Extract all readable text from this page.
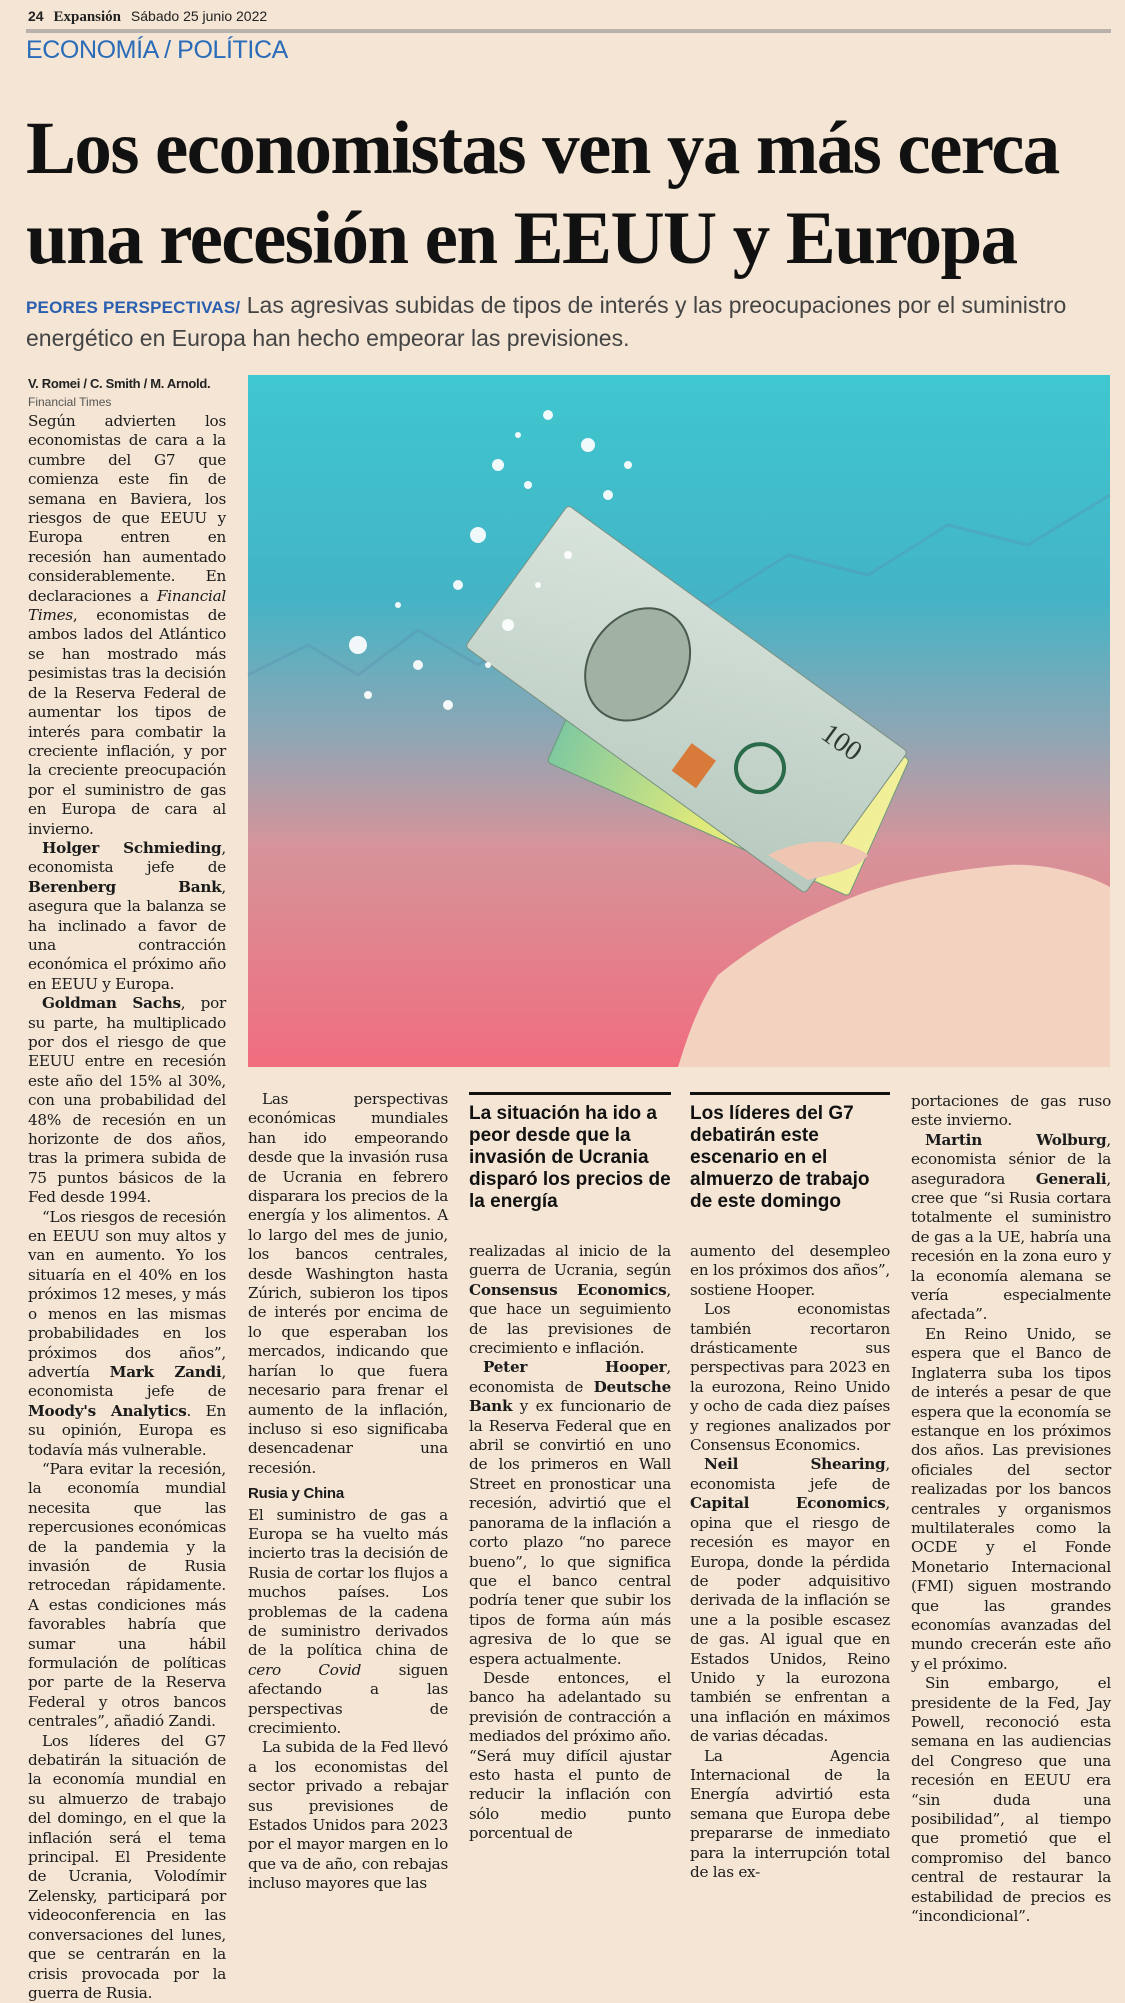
24 Expansión Sábado 25 junio 2022
ECONOMÍA / POLÍTICA
Los economistas ven ya más cerca una recesión en EEUU y Europa
PEORES PERSPECTIVAS/ Las agresivas subidas de tipos de interés y las preocupaciones por el suministro energético en Europa han hecho empeorar las previsiones.
V. Romei / C. Smith / M. Arnold.
Financial Times
100

Según advierten los economistas de cara a la cumbre del G7 que comienza este fin de semana en Baviera, los riesgos de que EEUU y Europa entren en recesión han aumentado considerablemente. En declaraciones a Financial Times, economistas de ambos lados del Atlántico se han mostrado más pesimistas tras la decisión de la Reserva Federal de aumentar los tipos de interés para combatir la creciente inflación, y por la creciente preocupación por el suministro de gas en Europa de cara al invierno.

Holger Schmieding, economista jefe de Berenberg Bank, asegura que la balanza se ha inclinado a favor de una contracción económica el próximo año en EEUU y Europa.

Goldman Sachs, por su parte, ha multiplicado por dos el riesgo de que EEUU entre en recesión este año del 15% al 30%, con una probabilidad del 48% de recesión en un horizonte de dos años, tras la primera subida de 75 puntos básicos de la Fed desde 1994.

“Los riesgos de recesión en EEUU son muy altos y van en aumento. Yo los situaría en el 40% en los próximos 12 meses, y más o menos en las mismas probabilidades en los próximos dos años”, advertía Mark Zandi, economista jefe de Moody's Analytics. En su opinión, Europa es todavía más vulnerable.

“Para evitar la recesión, la economía mundial necesita que las repercusiones económicas de la pandemia y la invasión de Rusia retrocedan rápidamente. A estas condiciones más favorables habría que sumar una hábil formulación de políticas por parte de la Reserva Federal y otros bancos centrales”, añadió Zandi.

Los líderes del G7 debatirán la situación de la economía mundial en su almuerzo de trabajo del domingo, en el que la inflación será el tema principal. El Presidente de Ucrania, Volodímir Zelensky, participará por videoconferencia en las conversaciones del lunes, que se centrarán en la crisis provocada por la guerra de Rusia.

Las perspectivas económicas mundiales han ido empeorando desde que la invasión rusa de Ucrania en febrero disparara los precios de la energía y los alimentos. A lo largo del mes de junio, los bancos centrales, desde Washington hasta Zúrich, subieron los tipos de interés por encima de lo que esperaban los mercados, indicando que harían lo que fuera necesario para frenar el aumento de la inflación, incluso si eso significaba desencadenar una recesión.

Rusia y China

El suministro de gas a Europa se ha vuelto más incierto tras la decisión de Rusia de cortar los flujos a muchos países. Los problemas de la cadena de suministro derivados de la política china de cero Covid siguen afectando a las perspectivas de crecimiento.

La subida de la Fed llevó a los economistas del sector privado a rebajar sus previsiones de Estados Unidos para 2023 por el mayor margen en lo que va de año, con rebajas incluso mayores que las

La situación ha ido a peor desde que la invasión de Ucrania disparó los precios de la energía
Los líderes del G7 debatirán este escenario en el almuerzo de trabajo de este domingo

realizadas al inicio de la guerra de Ucrania, según Consensus Economics, que hace un seguimiento de las previsiones de crecimiento e inflación.

Peter Hooper, economista de Deutsche Bank y ex funcionario de la Reserva Federal que en abril se convirtió en uno de los primeros en Wall Street en pronosticar una recesión, advirtió que el panorama de la inflación a corto plazo “no parece bueno”, lo que significa que el banco central podría tener que subir los tipos de forma aún más agresiva de lo que se espera actualmente.

Desde entonces, el banco ha adelantado su previsión de contracción a mediados del próximo año. “Será muy difícil ajustar esto hasta el punto de reducir la inflación con sólo medio punto porcentual de

aumento del desempleo en los próximos dos años”, sostiene Hooper.

Los economistas también recortaron drásticamente sus perspectivas para 2023 en la eurozona, Reino Unido y ocho de cada diez países y regiones analizados por Consensus Economics.

Neil Shearing, economista jefe de Capital Economics, opina que el riesgo de recesión es mayor en Europa, donde la pérdida de poder adquisitivo derivada de la inflación se une a la posible escasez de gas. Al igual que en Estados Unidos, Reino Unido y la eurozona también se enfrentan a una inflación en máximos de varias décadas.

La Agencia Internacional de la Energía advirtió esta semana que Europa debe prepararse de inmediato para la interrupción total de las ex-

portaciones de gas ruso este invierno.

Martin Wolburg, economista sénior de la aseguradora Generali, cree que “si Rusia cortara totalmente el suministro de gas a la UE, habría una recesión en la zona euro y la economía alemana se vería especialmente afectada”.

En Reino Unido, se espera que el Banco de Inglaterra suba los tipos de interés a pesar de que espera que la economía se estanque en los próximos dos años. Las previsiones oficiales del sector realizadas por los bancos centrales y organismos multilaterales como la OCDE y el Fonde Monetario Internacional (FMI) siguen mostrando que las grandes economías avanzadas del mundo crecerán este año y el próximo.

Sin embargo, el presidente de la Fed, Jay Powell, reconoció esta semana en las audiencias del Congreso que una recesión en EEUU era “sin duda una posibilidad”, al tiempo que prometió que el compromiso del banco central de restaurar la estabilidad de precios es “incondicional”.
